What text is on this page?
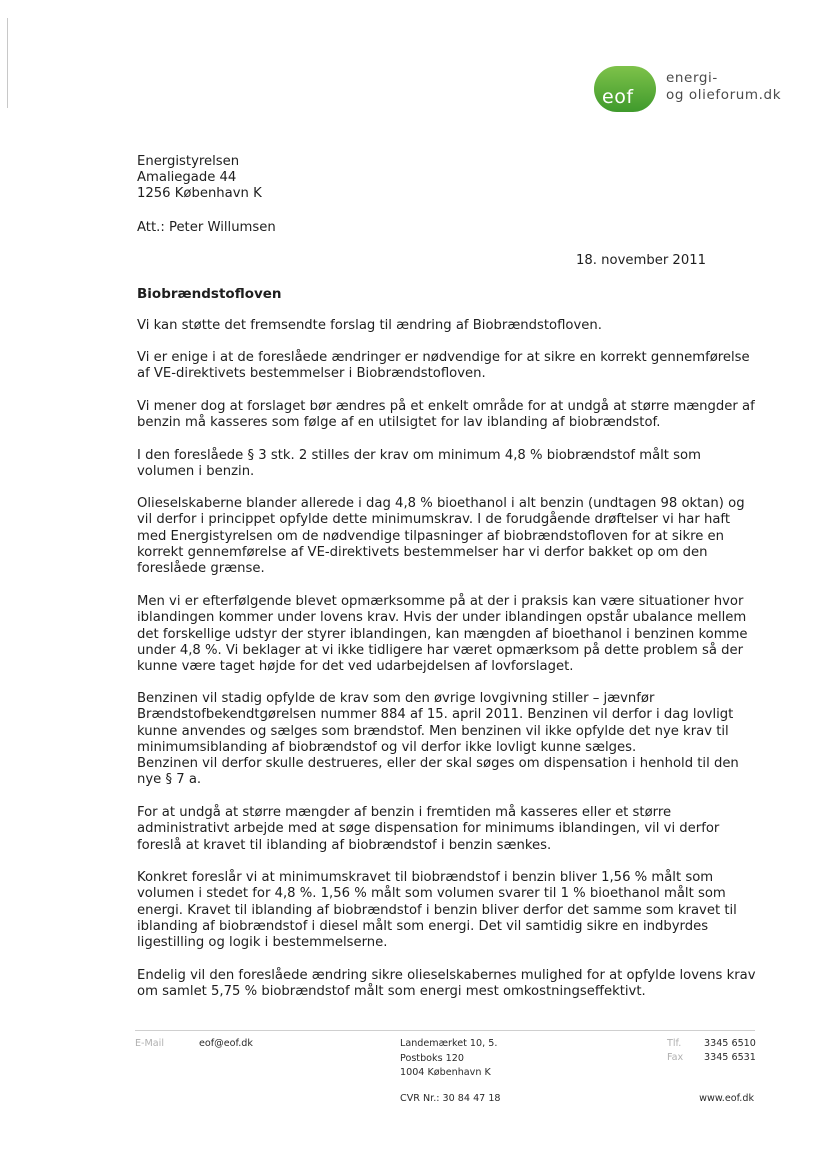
eof
energi-
og olieforum.dk
Energistyrelsen
Amaliegade 44
1256 København K
Att.: Peter Willumsen
18. november 2011
Biobrændstofloven

Vi kan støtte det fremsendte forslag til ændring af Biobrændstofloven.

Vi er enige i at de foreslåede ændringer er nødvendige for at sikre en korrekt gennemførelse af VE-direktivets bestemmelser i Biobrændstofloven.

Vi mener dog at forslaget bør ændres på et enkelt område for at undgå at større mængder af benzin må kasseres som følge af en utilsigtet for lav iblanding af biobrændstof.

I den foreslåede § 3 stk. 2 stilles der krav om minimum 4,8 % biobrændstof målt som volumen i benzin.

Olieselskaberne blander allerede i dag 4,8 % bioethanol i alt benzin (undtagen 98 oktan) og vil derfor i princippet opfylde dette minimumskrav. I de forudgående drøftelser vi har haft med Energistyrelsen om de nødvendige tilpasninger af biobrændstofloven for at sikre en korrekt gennemførelse af VE-direktivets bestemmelser har vi derfor bakket op om den foreslåede grænse.

Men vi er efterfølgende blevet opmærksomme på at der i praksis kan være situationer hvor iblandingen kommer under lovens krav. Hvis der under iblandingen opstår ubalance mellem det forskellige udstyr der styrer iblandingen, kan mængden af bioethanol i benzinen komme under 4,8 %. Vi beklager at vi ikke tidligere har været opmærksom på dette problem så der kunne være taget højde for det ved udarbejdelsen af lovforslaget.

Benzinen vil stadig opfylde de krav som den øvrige lovgivning stiller – jævnfør Brændstofbekendtgørelsen nummer 884 af 15. april 2011. Benzinen vil derfor i dag lovligt kunne anvendes og sælges som brændstof. Men benzinen vil ikke opfylde det nye krav til minimumsiblanding af biobrændstof og vil derfor ikke lovligt kunne sælges.

Benzinen vil derfor skulle destrueres, eller der skal søges om dispensation i henhold til den nye § 7 a.

For at undgå at større mængder af benzin i fremtiden må kasseres eller et større administrativt arbejde med at søge dispensation for minimums iblandingen, vil vi derfor foreslå at kravet til iblanding af biobrændstof i benzin sænkes.

Konkret foreslår vi at minimumskravet til biobrændstof i benzin bliver 1,56 % målt som volumen i stedet for 4,8 %. 1,56 % målt som volumen svarer til 1 % bioethanol målt som energi. Kravet til iblanding af biobrændstof i benzin bliver derfor det samme som kravet til iblanding af biobrændstof i diesel målt som energi. Det vil samtidig sikre en indbyrdes ligestilling og logik i bestemmelserne.

Endelig vil den foreslåede ændring sikre olieselskabernes mulighed for at opfylde lovens krav om samlet 5,75 % biobrændstof målt som energi mest omkostningseffektivt.

E-Mail	eof@eof.dk	Landemærket 10, 5.
Postboks 120
1004 København K
CVR Nr.: 30 84 47 18
Tlf. 3345 6510
Fax 3345 6531
www.eof.dk
